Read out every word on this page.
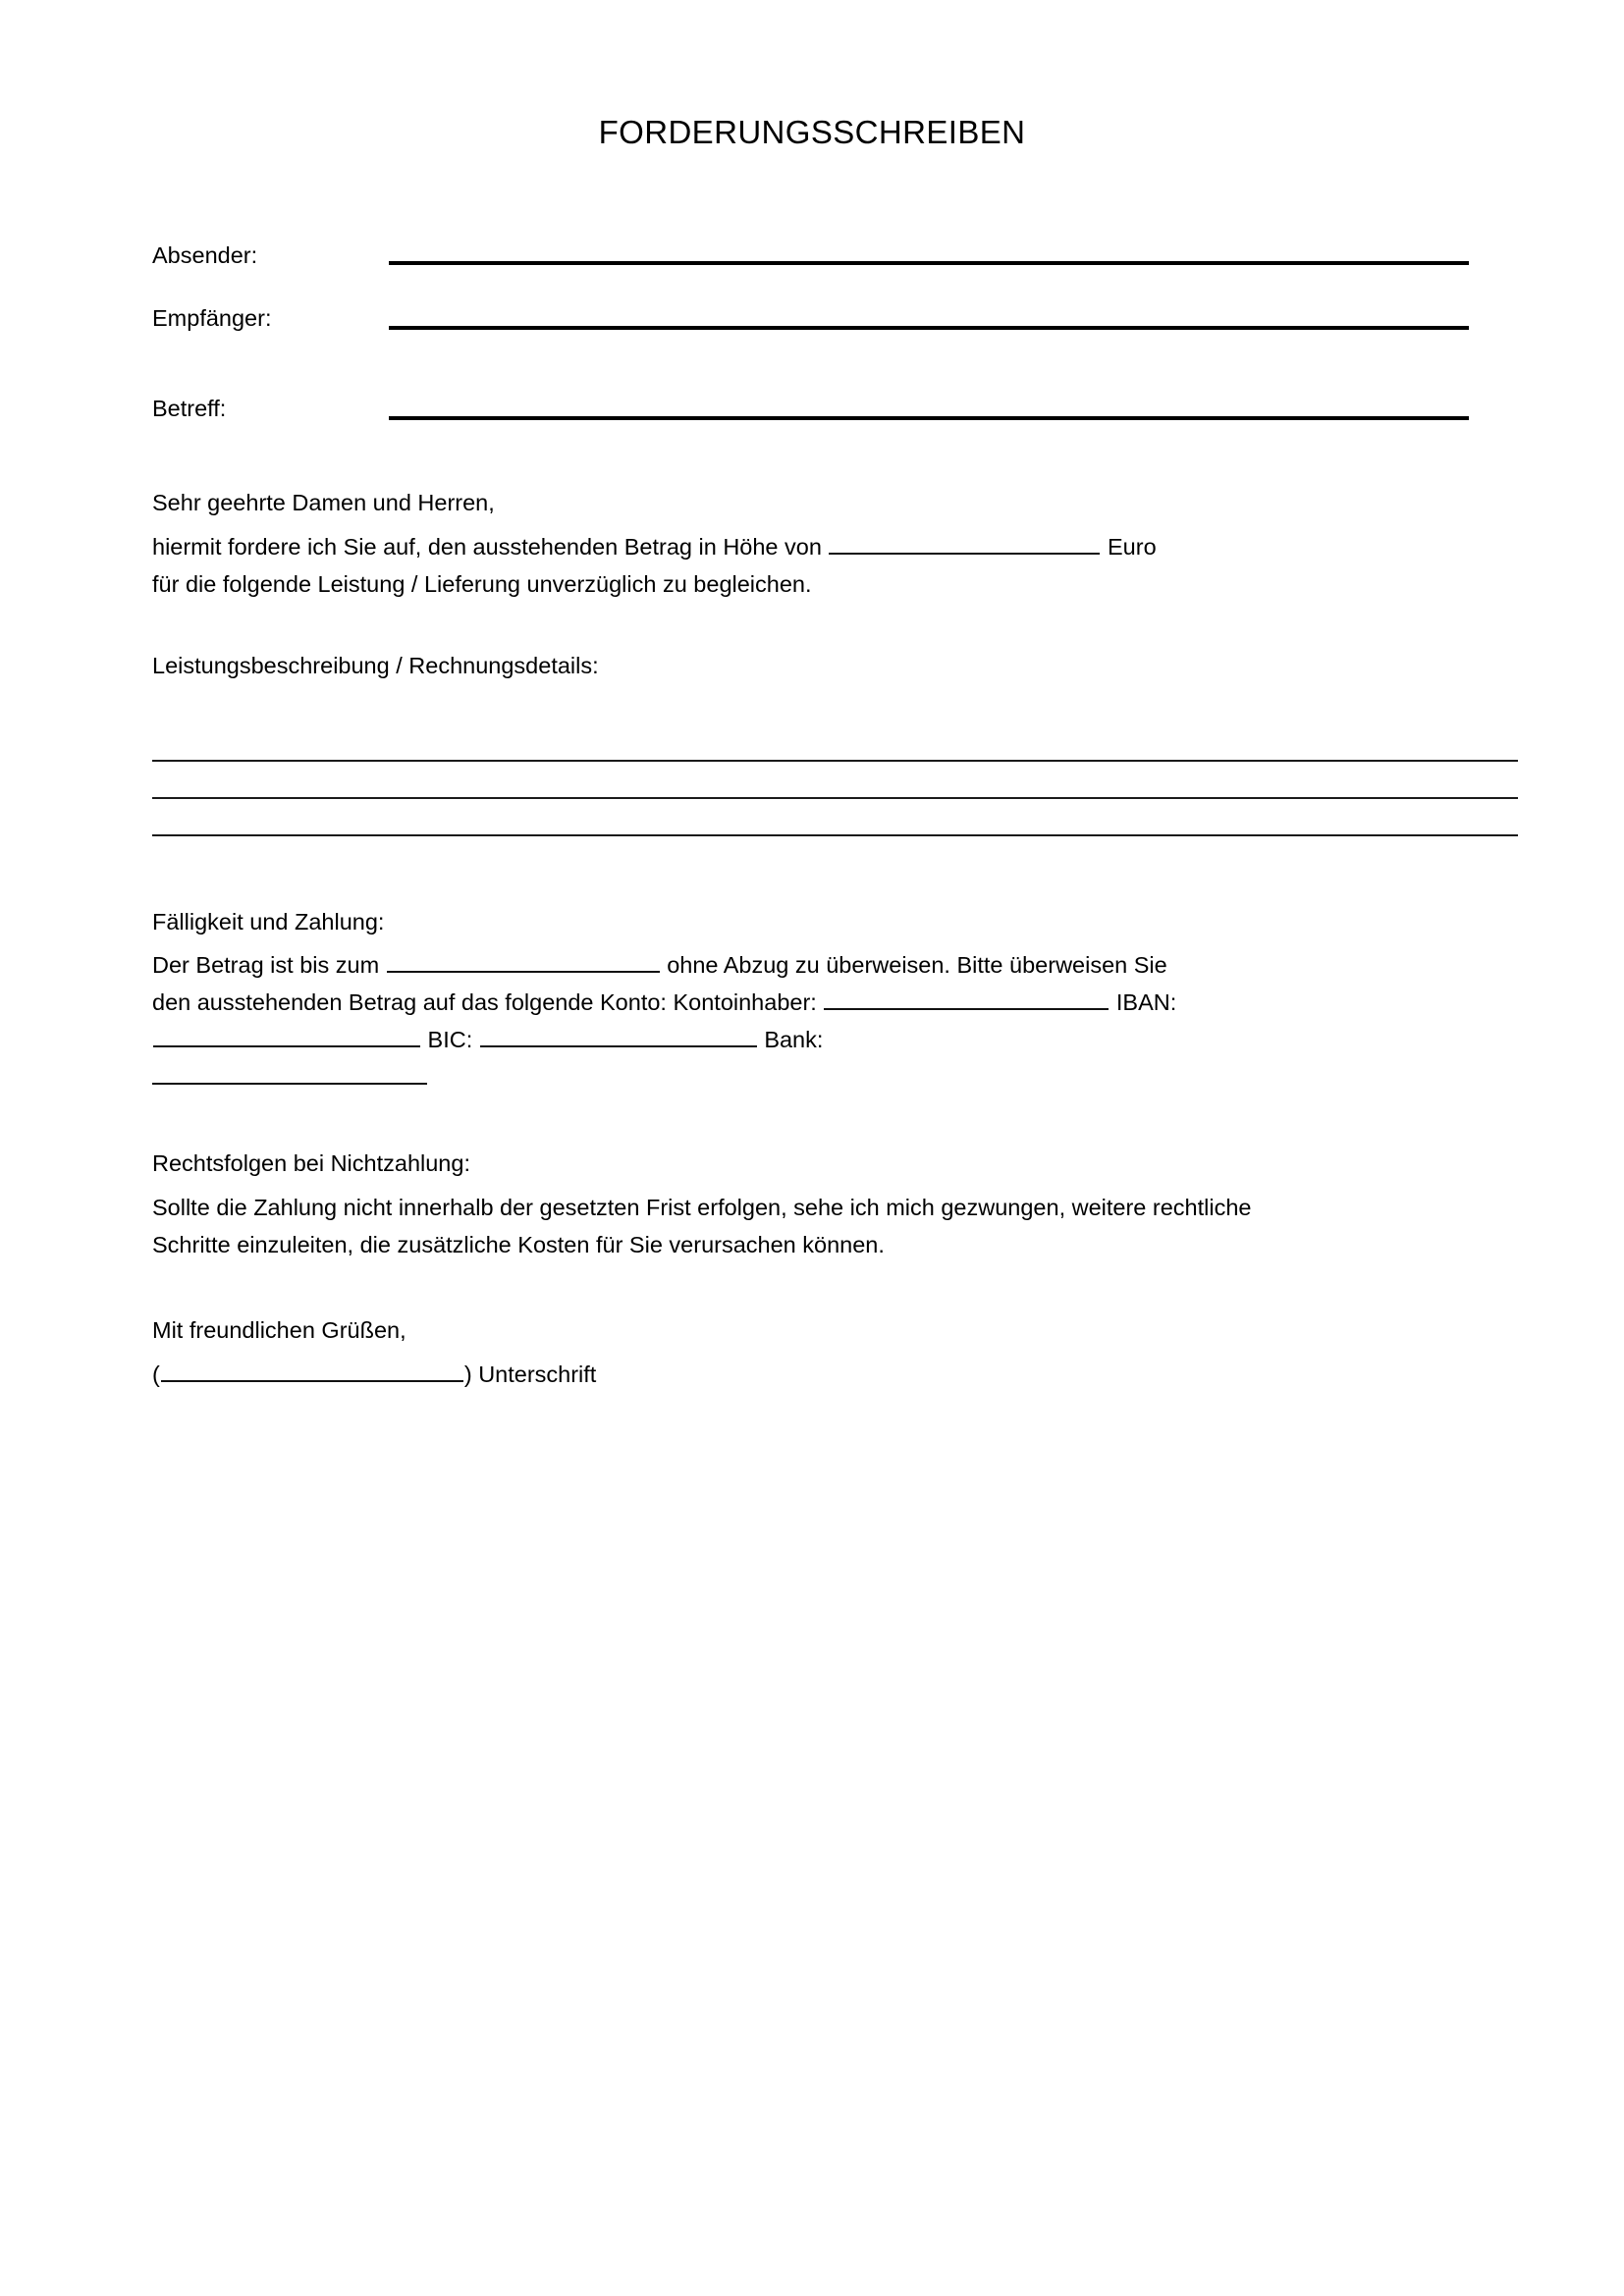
FORDERUNGSSCHREIBEN
Absender:
Empfänger:
Betreff:
Sehr geehrte Damen und Herren,
hiermit fordere ich Sie auf, den ausstehenden Betrag in Höhe von	Euro
für die folgende Leistung / Lieferung unverzüglich zu begleichen.
Leistungsbeschreibung / Rechnungsdetails:
Fälligkeit und Zahlung:
Der Betrag ist bis zum	ohne Abzug zu überweisen. Bitte überweisen Sie
den ausstehenden Betrag auf das folgende Konto: Kontoinhaber:	IBAN:
BIC:	Bank:
Rechtsfolgen bei Nichtzahlung:
Sollte die Zahlung nicht innerhalb der gesetzten Frist erfolgen, sehe ich mich gezwungen, weitere rechtliche
Schritte einzuleiten, die zusätzliche Kosten für Sie verursachen können.
Mit freundlichen Grüßen,
(	) Unterschrift
